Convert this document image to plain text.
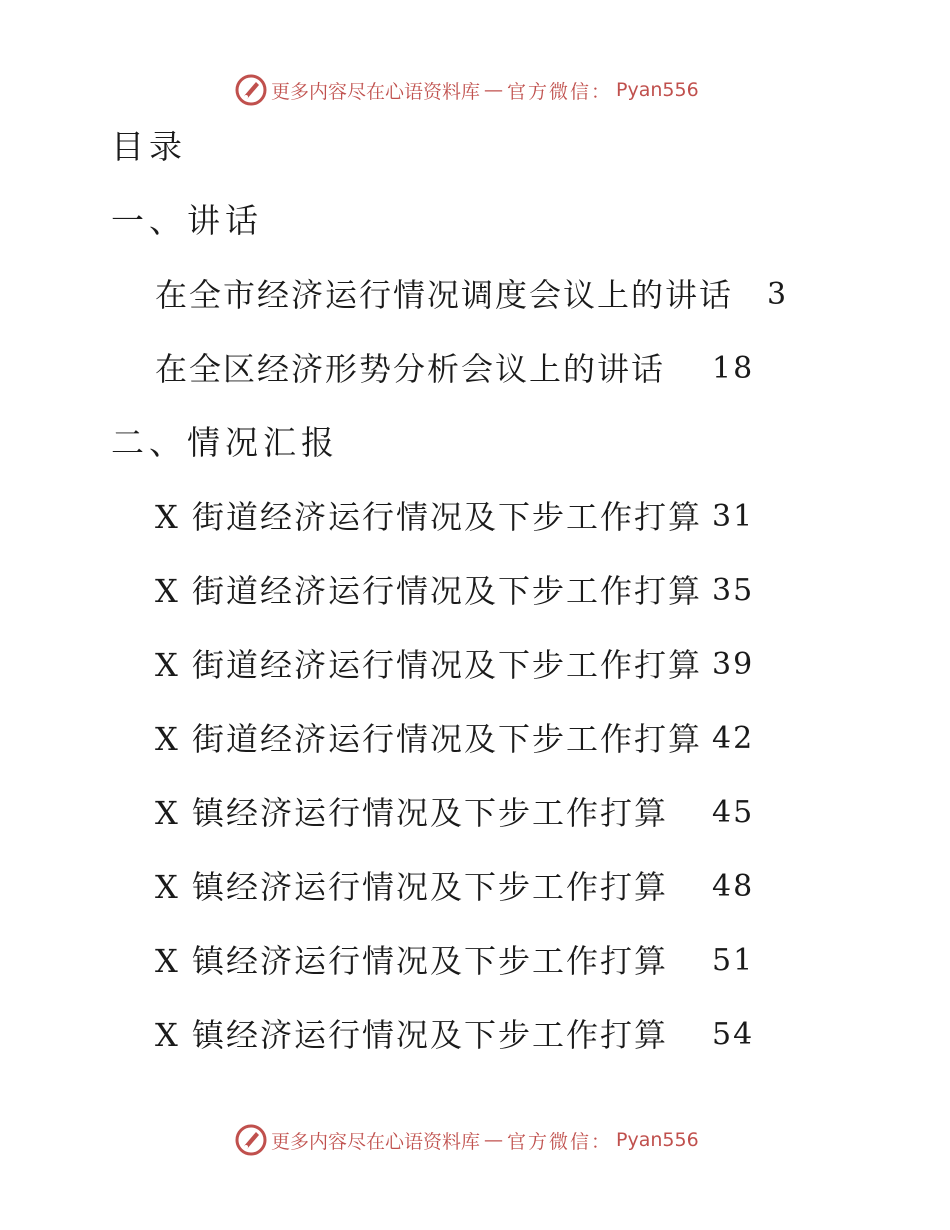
更多内容尽在心语资料库 — 官方微信： Pyan556
目录
一、讲话
在全市经济运行情况调度会议上的讲话 3
在全区经济形势分析会议上的讲话 18
二、情况汇报
X 街道经济运行情况及下步工作打算 31
X 街道经济运行情况及下步工作打算 35
X 街道经济运行情况及下步工作打算 39
X 街道经济运行情况及下步工作打算 42
X 镇经济运行情况及下步工作打算 45
X 镇经济运行情况及下步工作打算 48
X 镇经济运行情况及下步工作打算 51
X 镇经济运行情况及下步工作打算 54
更多内容尽在心语资料库 — 官方微信： Pyan556
